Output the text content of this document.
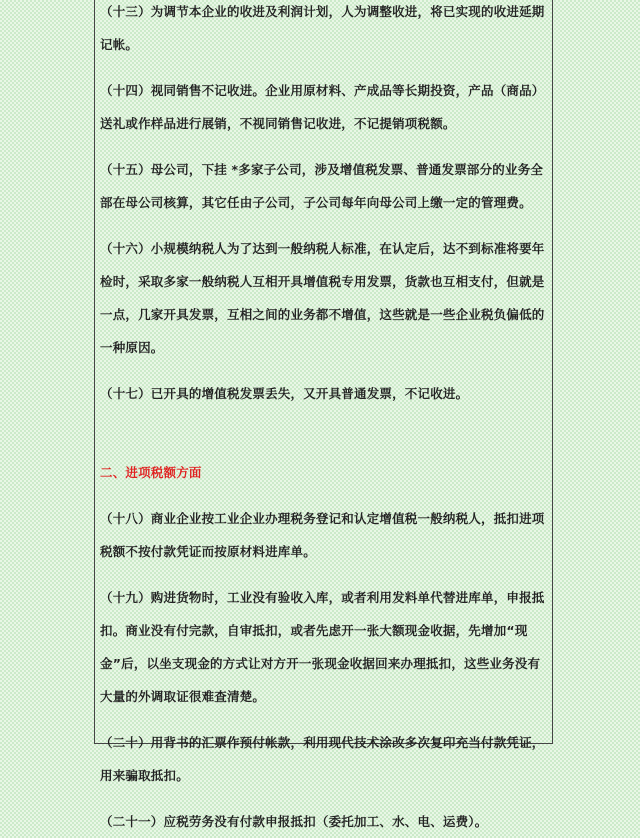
（十三）为调节本企业的收进及利润计划，人为调整收进，将已实现的收进延期记帐。

（十四）视同销售不记收进。企业用原材料、产成品等长期投资，产品（商品）送礼或作样品进行展销，不视同销售记收进，不记提销项税额。

（十五）母公司，下挂 *多家子公司，涉及增值税发票、普通发票部分的业务全部在母公司核算，其它任由子公司，子公司每年向母公司上缴一定的管理费。

（十六）小规模纳税人为了达到一般纳税人标准，在认定后，达不到标准将要年检时，采取多家一般纳税人互相开具增值税专用发票，货款也互相支付，但就是一点，几家开具发票，互相之间的业务都不增值，这些就是一些企业税负偏低的一种原因。

（十七）已开具的增值税发票丢失，又开具普通发票，不记收进。

二、进项税额方面

（十八）商业企业按工业企业办理税务登记和认定增值税一般纳税人，抵扣进项税额不按付款凭证而按原材料进库单。

（十九）购进货物时，工业没有验收入库，或者利用发料单代替进库单，申报抵扣。商业没有付完款，自审抵扣，或者先虑开一张大额现金收据，先增加“现金”后，以坐支现金的方式让对方开一张现金收据回来办理抵扣，这些业务没有大量的外调取证很难查清楚。

（二十）用背书的汇票作预付帐款，利用现代技术涂改多次复印充当付款凭证，用来骗取抵扣。

（二十一）应税劳务没有付款申报抵扣（委托加工、水、电、运费）。
